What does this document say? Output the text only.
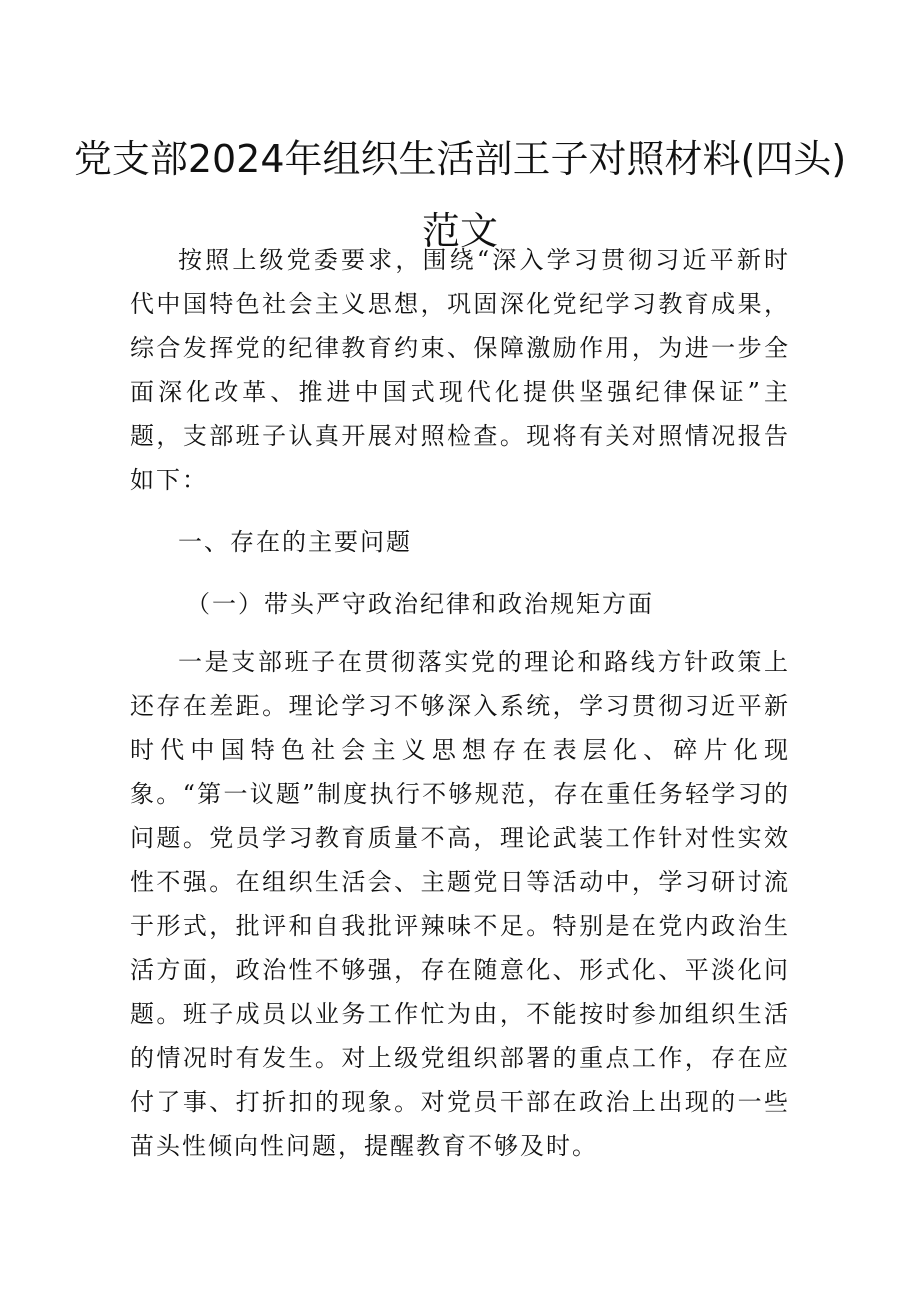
党支部2024年组织生活剖王子对照材料(四头)
范文

按照上级党委要求，围绕“深入学习贯彻习近平新时代中国特色社会主义思想，巩固深化党纪学习教育成果，综合发挥党的纪律教育约束、保障激励作用，为进一步全面深化改革、推进中国式现代化提供坚强纪律保证”主题，支部班子认真开展对照检查。现将有关对照情况报告如下：

一、存在的主要问题
（一）带头严守政治纪律和政治规矩方面

一是支部班子在贯彻落实党的理论和路线方针政策上还存在差距。理论学习不够深入系统，学习贯彻习近平新时代中国特色社会主义思想存在表层化、碎片化现象。“第一议题”制度执行不够规范，存在重任务轻学习的问题。党员学习教育质量不高，理论武装工作针对性实效性不强。在组织生活会、主题党日等活动中，学习研讨流于形式，批评和自我批评辣味不足。特别是在党内政治生活方面，政治性不够强，存在随意化、形式化、平淡化问题。班子成员以业务工作忙为由，不能按时参加组织生活的情况时有发生。对上级党组织部署的重点工作，存在应付了事、打折扣的现象。对党员干部在政治上出现的一些苗头性倾向性问题，提醒教育不够及时。
